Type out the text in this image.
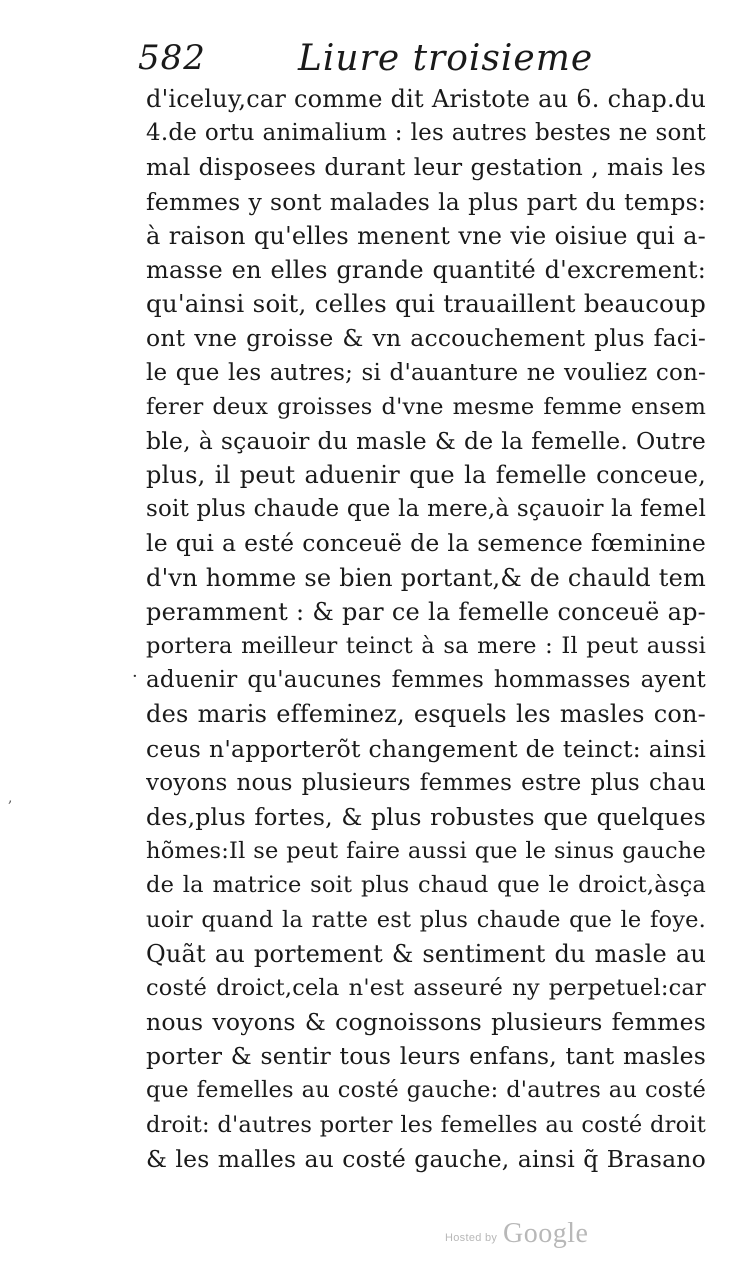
582	Liure troisieme
d'iceluy,car comme dit Aristote au 6. chap.du
4.de ortu animalium : les autres bestes ne sont
mal disposees durant leur gestation , mais les
femmes y sont malades la plus part du temps:
à raison qu'elles menent vne vie oisiue qui a-
masse en elles grande quantité d'excrement:
qu'ainsi soit, celles qui trauaillent beaucoup
ont vne groisse & vn accouchement plus faci-
le que les autres; si d'auanture ne vouliez con-
ferer deux groisses d'vne mesme femme ensem
ble, à sçauoir du masle & de la femelle. Outre
plus, il peut aduenir que la femelle conceue,
soit plus chaude que la mere,à sçauoir la femel
le qui a esté conceuë de la semence fœminine
d'vn homme se bien portant,& de chauld tem
peramment : & par ce la femelle conceuë ap-
portera meilleur teinct à sa mere : Il peut aussi
aduenir qu'aucunes femmes hommasses ayent
des maris effeminez, esquels les masles con-
ceus n'apporterõt changement de teinct: ainsi
voyons nous plusieurs femmes estre plus chau
des,plus fortes, & plus robustes que quelques
hõmes:Il se peut faire aussi que le sinus gauche
de la matrice soit plus chaud que le droict,àsça
uoir quand la ratte est plus chaude que le foye.
Quãt au portement & sentiment du masle au
costé droict,cela n'est asseuré ny perpetuel:car
nous voyons & cognoissons plusieurs femmes
porter & sentir tous leurs enfans, tant masles
que femelles au costé gauche: d'autres au costé
droit: d'autres porter les femelles au costé droit
& les malles au costé gauche, ainsi q̃ Brasano
·
,
Hosted by Google
